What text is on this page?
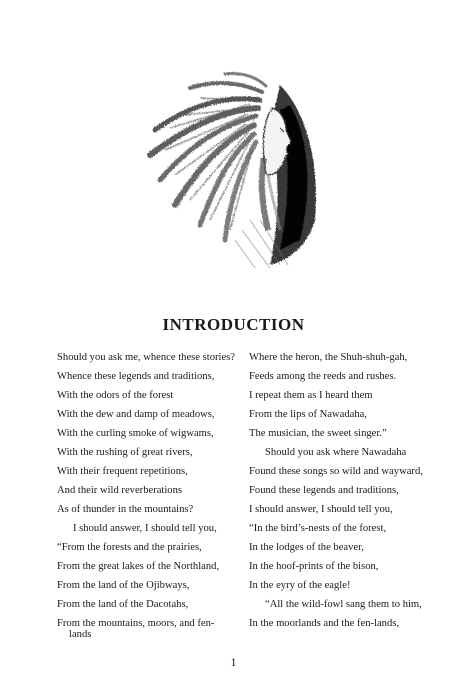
INTRODUCTION
Should you ask me, whence these stories?
Whence these legends and traditions,
With the odors of the forest
With the dew and damp of meadows,
With the curling smoke of wigwams,
With the rushing of great rivers,
With their frequent repetitions,
And their wild reverberations
As of thunder in the mountains?
I should answer, I should tell you,
“From the forests and the prairies,
From the great lakes of the Northland,
From the land of the Ojibways,
From the land of the Dacotahs,
From the mountains, moors, and fen-
lands
Where the heron, the Shuh-shuh-gah,
Feeds among the reeds and rushes.
I repeat them as I heard them
From the lips of Nawadaha,
The musician, the sweet singer.”
Should you ask where Nawadaha
Found these songs so wild and wayward,
Found these legends and traditions,
I should answer, I should tell you,
“In the bird’s-nests of the forest,
In the lodges of the beaver,
In the hoof-prints of the bison,
In the eyry of the eagle!
“All the wild-fowl sang them to him,
In the moorlands and the fen-lands,
1
